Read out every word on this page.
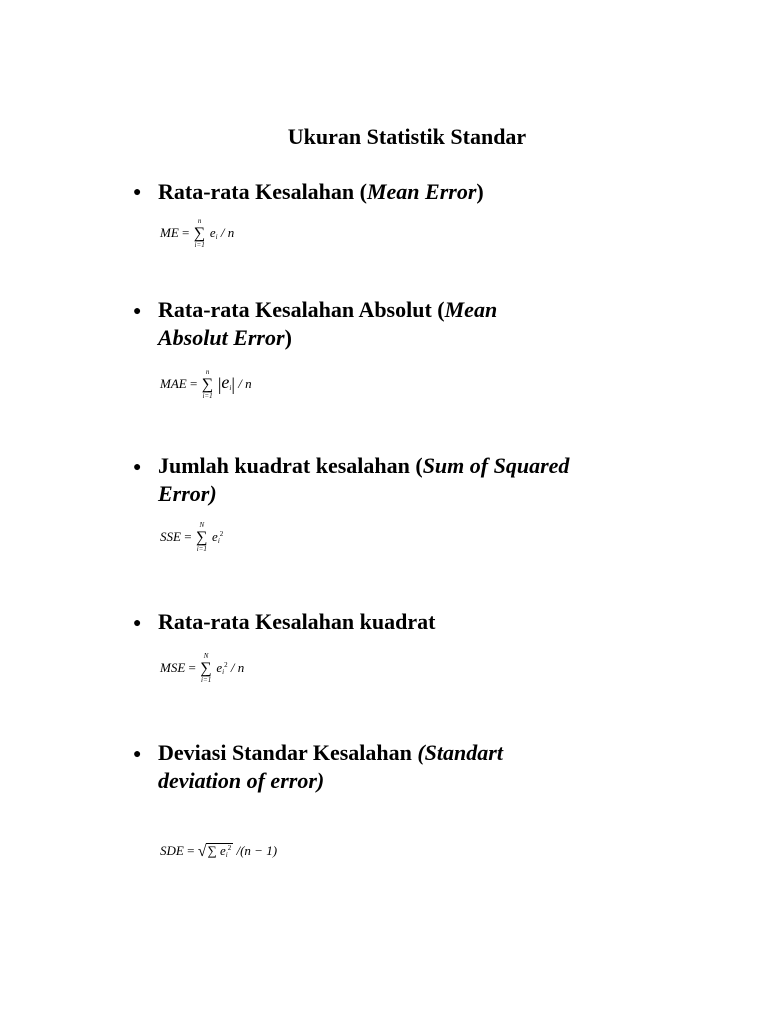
Ukuran Statistik Standar
● Rata-rata Kesalahan (Mean Error)
ME = ∑
n
i=1
ei / n
● Rata-rata Kesalahan Absolut (Mean
Absolut Error)
MAE = ∑
n
i=1
|ei| / n
● Jumlah kuadrat kesalahan (Sum of Squared
Error)
SSE = ∑
N
i=1
$ei^2$
● Rata-rata Kesalahan kuadrat
MSE = ∑
N
i=1
$ei^2$ / n
● Deviasi Standar Kesalahan (Standart
deviation of error)
SDE = √∑ $ei^2$ /(n − 1)
